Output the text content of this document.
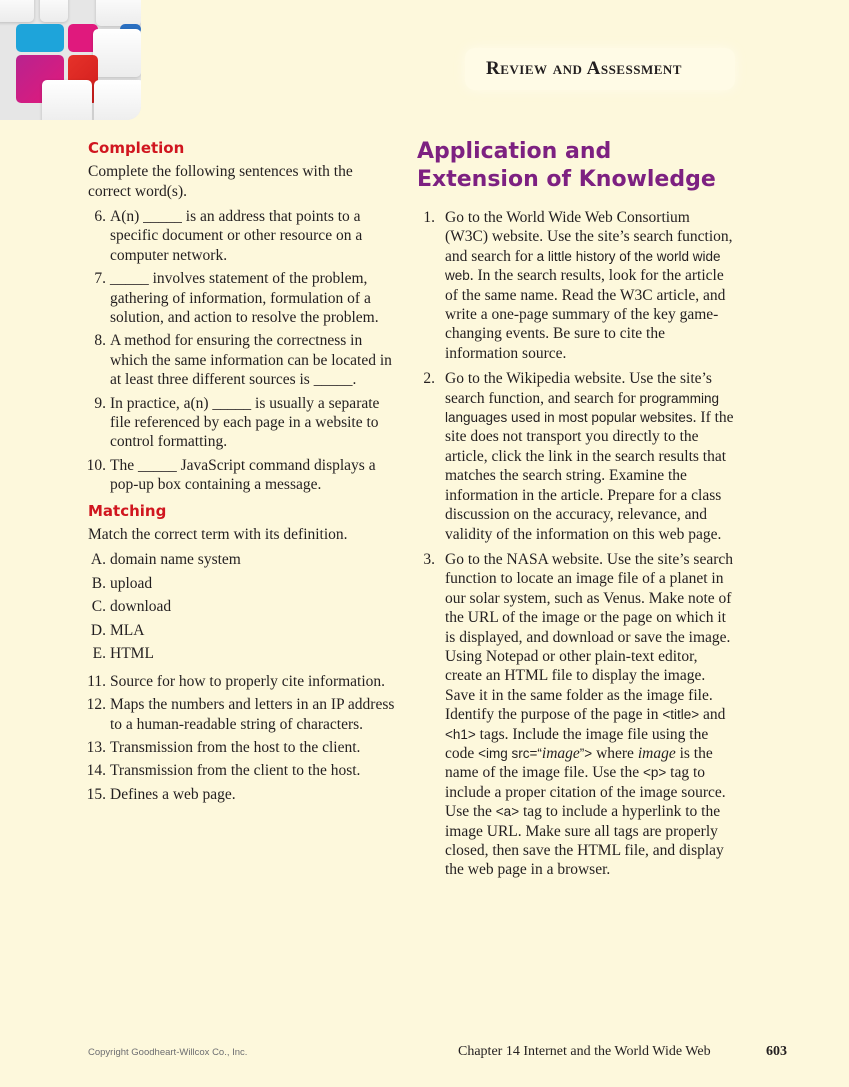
Review and Assessment
Completion

Complete the following sentences with the correct word(s).

6. A(n) _____ is an address that points to a specific document or other resource on a computer network.
7. _____ involves statement of the problem, gathering of information, formulation of a solution, and action to resolve the problem.
8. A method for ensuring the correctness in which the same information can be located in at least three different sources is _____.
9. In practice, a(n) _____ is usually a separate file referenced by each page in a website to control formatting.
10. The _____ JavaScript command displays a pop-up box containing a message.
Matching

Match the correct term with its definition.

A. domain name system
B. upload
C. download
D. MLA
E. HTML
11. Source for how to properly cite information.
12. Maps the numbers and letters in an IP address to a human-readable string of characters.
13. Transmission from the host to the client.
14. Transmission from the client to the host.
15. Defines a web page.
Application and Extension of Knowledge
1. Go to the World Wide Web Consortium (W3C) website. Use the site’s search function, and search for a little history of the world wide web. In the search results, look for the article of the same name. Read the W3C article, and write a one-page summary of the key game-changing events. Be sure to cite the information source.
2. Go to the Wikipedia website. Use the site’s search function, and search for programming languages used in most popular websites. If the site does not transport you directly to the article, click the link in the search results that matches the search string. Examine the information in the article. Prepare for a class discussion on the accuracy, relevance, and validity of the information on this web page.
3. Go to the NASA website. Use the site’s search function to locate an image file of a planet in our solar system, such as Venus. Make note of the URL of the image or the page on which it is displayed, and download or save the image. Using Notepad or other plain-text editor, create an HTML file to display the image. Save it in the same folder as the image file. Identify the purpose of the page in <title> and <h1> tags. Include the image file using the code <img src=“image”> where image is the name of the image file. Use the <p> tag to include a proper citation of the image source. Use the <a> tag to include a hyperlink to the image URL. Make sure all tags are properly closed, then save the HTML file, and display the web page in a browser.
Copyright Goodheart-Willcox Co., Inc.	Chapter 14 Internet and the World Wide Web	603
